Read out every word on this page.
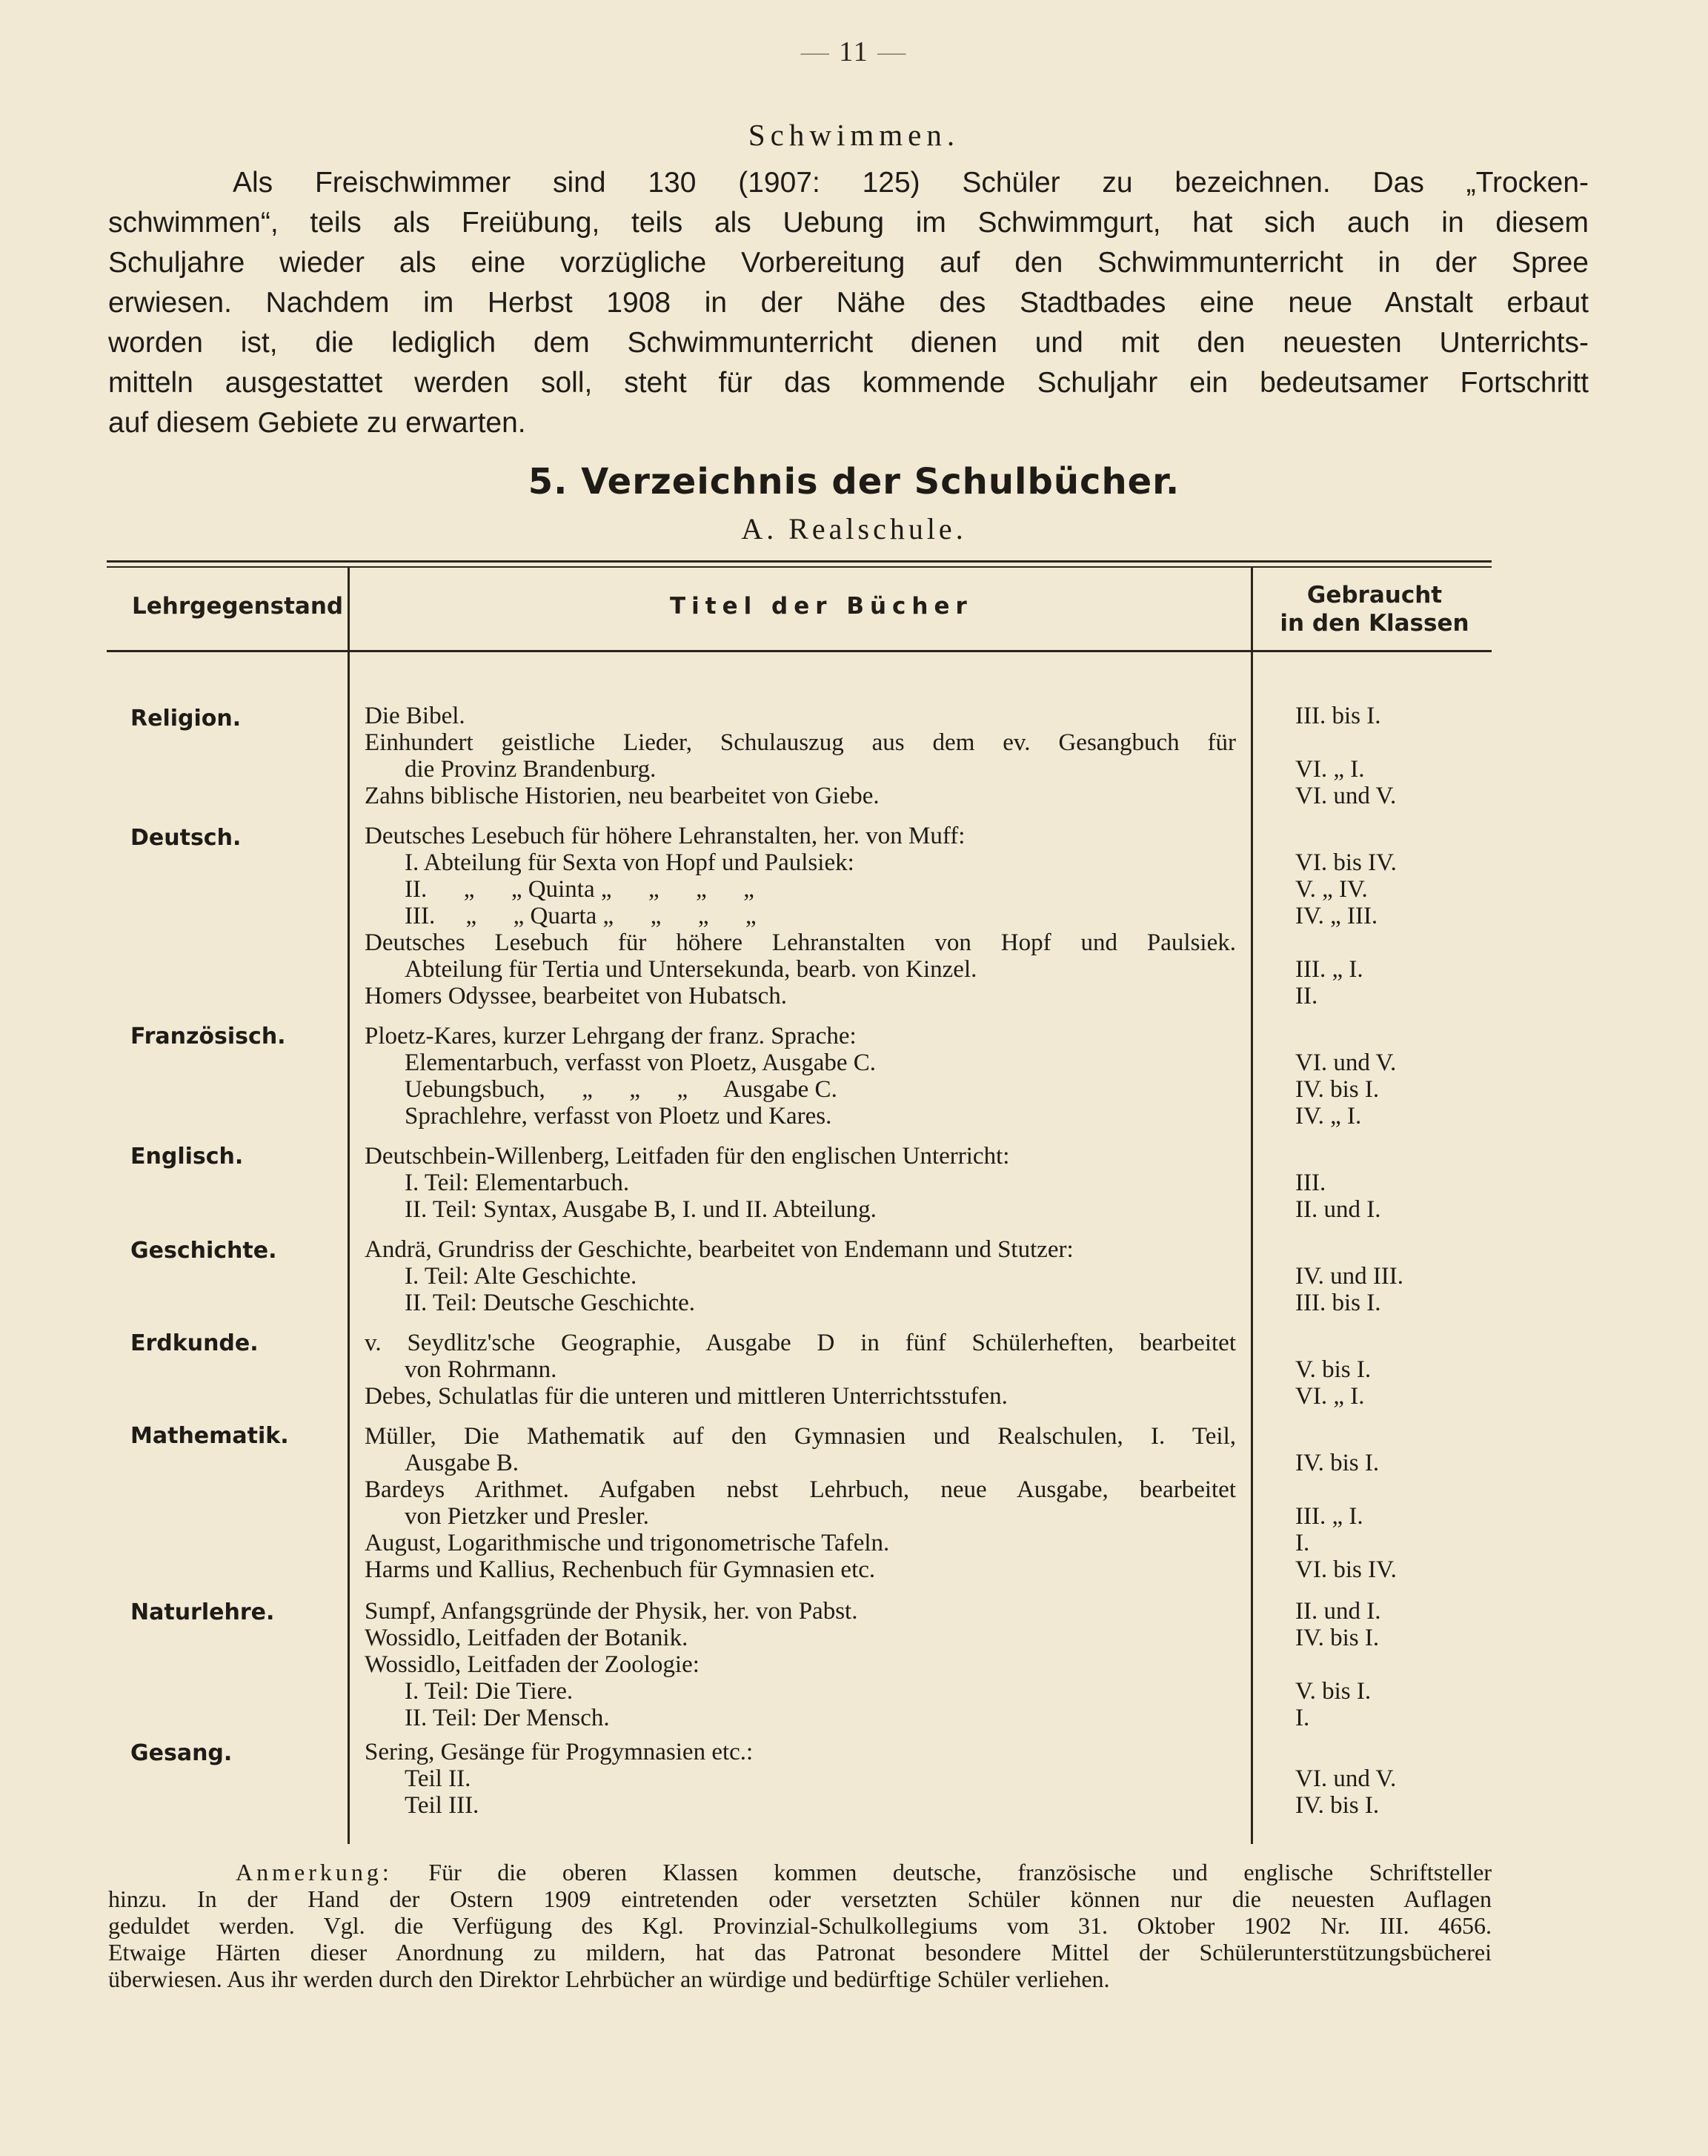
— 11 —
Schwimmen.
Als Freischwimmer sind 130 (1907: 125) Schüler zu bezeichnen. Das „Trocken-
schwimmen“, teils als Freiübung, teils als Uebung im Schwimmgurt, hat sich auch in diesem
Schuljahre wieder als eine vorzügliche Vorbereitung auf den Schwimmunterricht in der Spree
erwiesen. Nachdem im Herbst 1908 in der Nähe des Stadtbades eine neue Anstalt erbaut
worden ist, die lediglich dem Schwimmunterricht dienen und mit den neuesten Unterrichts-
mitteln ausgestattet werden soll, steht für das kommende Schuljahr ein bedeutsamer Fortschritt
auf diesem Gebiete zu erwarten.
5. Verzeichnis der Schulbücher.
A. Realschule.
Lehrgegenstand	Titel der Bücher	Gebraucht
in den Klassen
Religion.	Die Bibel.	III. bis I.
Einhundert geistliche Lieder, Schulauszug aus dem ev. Gesangbuch für
die Provinz Brandenburg.	VI. „ I.
Zahns biblische Historien, neu bearbeitet von Giebe.	VI. und V.
Deutsch.	Deutsches Lesebuch für höhere Lehranstalten, her. von Muff:
I. Abteilung für Sexta von Hopf und Paulsiek:	VI. bis IV.
II.      „      „ Quinta „      „      „      „	V. „ IV.
III.     „      „ Quarta „      „      „      „	IV. „ III.
Deutsches Lesebuch für höhere Lehranstalten von Hopf und Paulsiek.
Abteilung für Tertia und Untersekunda, bearb. von Kinzel.	III. „ I.
Homers Odyssee, bearbeitet von Hubatsch.	II.
Französisch.	Ploetz-Kares, kurzer Lehrgang der franz. Sprache:
Elementarbuch, verfasst von Ploetz, Ausgabe C.	VI. und V.
Uebungsbuch,      „      „      „      Ausgabe C.	IV. bis I.
Sprachlehre, verfasst von Ploetz und Kares.	IV. „ I.
Englisch.	Deutschbein-Willenberg, Leitfaden für den englischen Unterricht:
I. Teil: Elementarbuch.	III.
II. Teil: Syntax, Ausgabe B, I. und II. Abteilung.	II. und I.
Geschichte.	Andrä, Grundriss der Geschichte, bearbeitet von Endemann und Stutzer:
I. Teil: Alte Geschichte.	IV. und III.
II. Teil: Deutsche Geschichte.	III. bis I.
Erdkunde.	v. Seydlitz'sche Geographie, Ausgabe D in fünf Schülerheften, bearbeitet
von Rohrmann.	V. bis I.
Debes, Schulatlas für die unteren und mittleren Unterrichtsstufen.	VI. „ I.
Mathematik.	Müller, Die Mathematik auf den Gymnasien und Realschulen, I. Teil,
Ausgabe B.	IV. bis I.
Bardeys Arithmet. Aufgaben nebst Lehrbuch, neue Ausgabe, bearbeitet
von Pietzker und Presler.	III. „ I.
August, Logarithmische und trigonometrische Tafeln.	I.
Harms und Kallius, Rechenbuch für Gymnasien etc.	VI. bis IV.
Naturlehre.	Sumpf, Anfangsgründe der Physik, her. von Pabst.	II. und I.
Wossidlo, Leitfaden der Botanik.	IV. bis I.
Wossidlo, Leitfaden der Zoologie:
I. Teil: Die Tiere.	V. bis I.
II. Teil: Der Mensch.	I.
Gesang.	Sering, Gesänge für Progymnasien etc.:
Teil II.	VI. und V.
Teil III.	IV. bis I.
Anmerkung: Für die oberen Klassen kommen deutsche, französische und englische Schriftsteller
hinzu. In der Hand der Ostern 1909 eintretenden oder versetzten Schüler können nur die neuesten Auflagen
geduldet werden. Vgl. die Verfügung des Kgl. Provinzial-Schulkollegiums vom 31. Oktober 1902 Nr. III. 4656.
Etwaige Härten dieser Anordnung zu mildern, hat das Patronat besondere Mittel der Schülerunterstützungsbücherei
überwiesen. Aus ihr werden durch den Direktor Lehrbücher an würdige und bedürftige Schüler verliehen.
